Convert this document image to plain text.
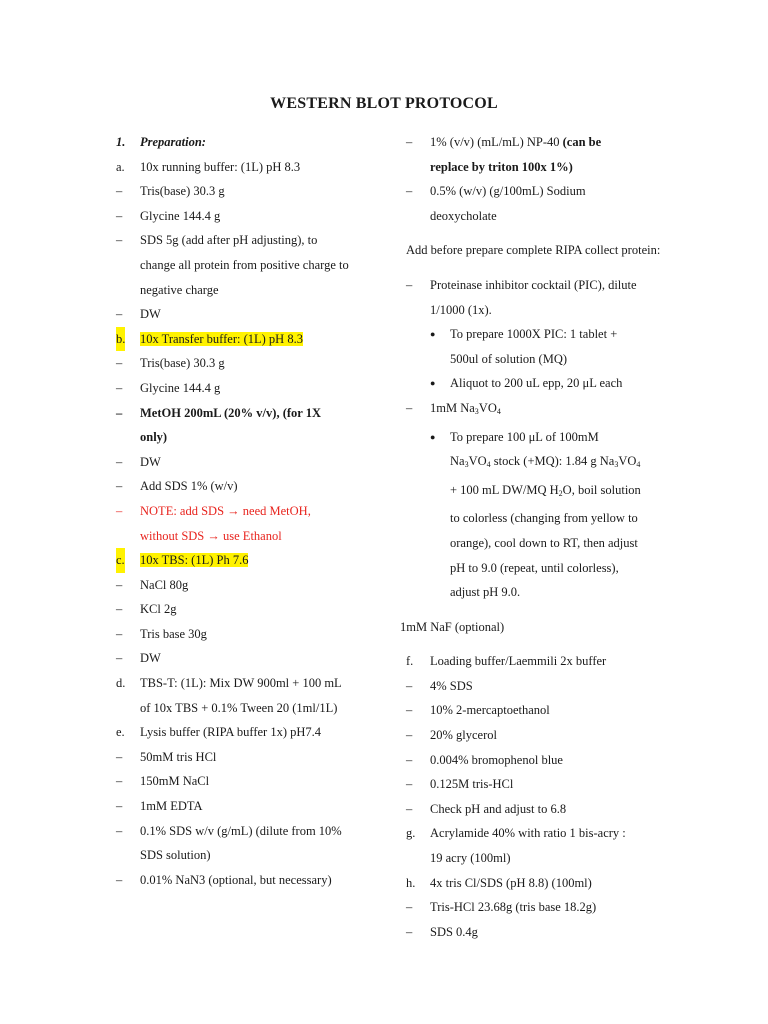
WESTERN BLOT PROTOCOL
1. Preparation:
a. 10x running buffer: (1L) pH 8.3
– Tris(base) 30.3 g
– Glycine 144.4 g
– SDS 5g (add after pH adjusting), to
change all protein from positive charge to
negative charge
– DW
b. 10x Transfer buffer: (1L) pH 8.3
– Tris(base) 30.3 g
– Glycine 144.4 g
– MetOH 200mL (20% v/v), (for 1X
only)
– DW
– Add SDS 1% (w/v)
– NOTE: add SDS → need MetOH,
without SDS → use Ethanol
c. 10x TBS: (1L) Ph 7.6
– NaCl 80g
– KCl 2g
– Tris base 30g
– DW
d. TBS-T: (1L): Mix DW 900ml + 100 mL
of 10x TBS + 0.1% Tween 20 (1ml/1L)
e. Lysis buffer (RIPA buffer 1x) pH7.4
– 50mM tris HCl
– 150mM NaCl
– 1mM EDTA
– 0.1% SDS w/v (g/mL) (dilute from 10%
SDS solution)
– 0.01% NaN3 (optional, but necessary)
– 1% (v/v) (mL/mL) NP-40 (can be
replace by triton 100x 1%)
– 0.5% (w/v) (g/100mL) Sodium
deoxycholate
Add before prepare complete RIPA collect protein:
– Proteinase inhibitor cocktail (PIC), dilute
1/1000 (1x).
● To prepare 1000X PIC: 1 tablet +
500ul of solution (MQ)
● Aliquot to 200 uL epp, 20 μL each
– 1mM $Na_3VO_4$
● To prepare 100 μL of 100mM
$Na_3VO_4$ stock (+MQ): 1.84 g $Na_3VO_4$
+ 100 mL DW/MQ $H_2O$, boil solution
to colorless (changing from yellow to
orange), cool down to RT, then adjust
pH to 9.0 (repeat, until colorless),
adjust pH 9.0.
1mM NaF (optional)
f. Loading buffer/Laemmili 2x buffer
– 4% SDS
– 10% 2-mercaptoethanol
– 20% glycerol
– 0.004% bromophenol blue
– 0.125M tris-HCl
– Check pH and adjust to 6.8
g. Acrylamide 40% with ratio 1 bis-acry :
19 acry (100ml)
h. 4x tris Cl/SDS (pH 8.8) (100ml)
– Tris-HCl 23.68g (tris base 18.2g)
– SDS 0.4g
